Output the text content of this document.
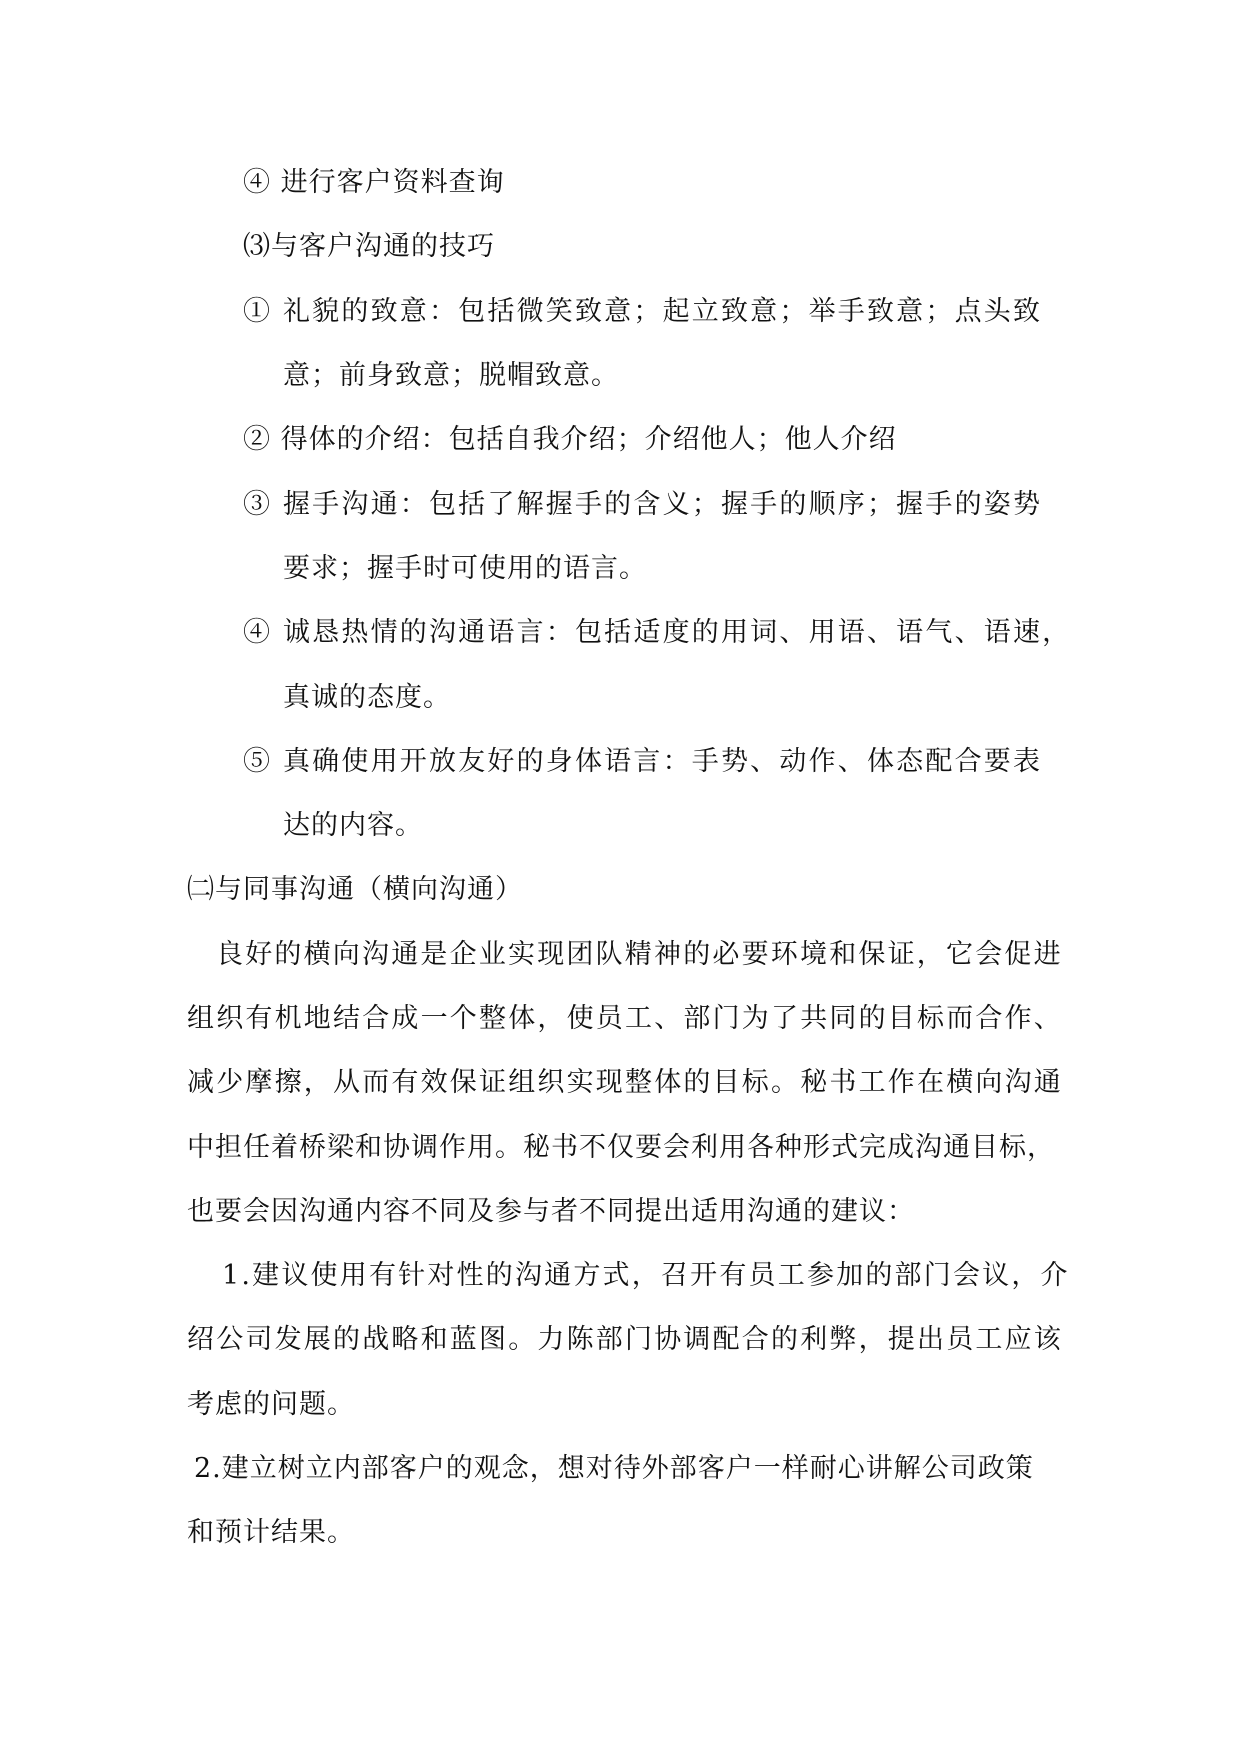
④ 进行客户资料查询
⑶与客户沟通的技巧
① 礼貌的致意：包括微笑致意；起立致意；举手致意；点头致
意；前身致意；脱帽致意。
② 得体的介绍：包括自我介绍；介绍他人；他人介绍
③ 握手沟通：包括了解握手的含义；握手的顺序；握手的姿势
要求；握手时可使用的语言。
④ 诚恳热情的沟通语言：包括适度的用词、用语、语气、语速，
真诚的态度。
⑤ 真确使用开放友好的身体语言：手势、动作、体态配合要表
达的内容。
㈡与同事沟通（横向沟通）
良好的横向沟通是企业实现团队精神的必要环境和保证，它会促进
组织有机地结合成一个整体，使员工、部门为了共同的目标而合作、
减少摩擦，从而有效保证组织实现整体的目标。秘书工作在横向沟通
中担任着桥梁和协调作用。秘书不仅要会利用各种形式完成沟通目标，
也要会因沟通内容不同及参与者不同提出适用沟通的建议：
1.建议使用有针对性的沟通方式，召开有员工参加的部门会议，介
绍公司发展的战略和蓝图。力陈部门协调配合的利弊，提出员工应该
考虑的问题。
2.建立树立内部客户的观念，想对待外部客户一样耐心讲解公司政策
和预计结果。
